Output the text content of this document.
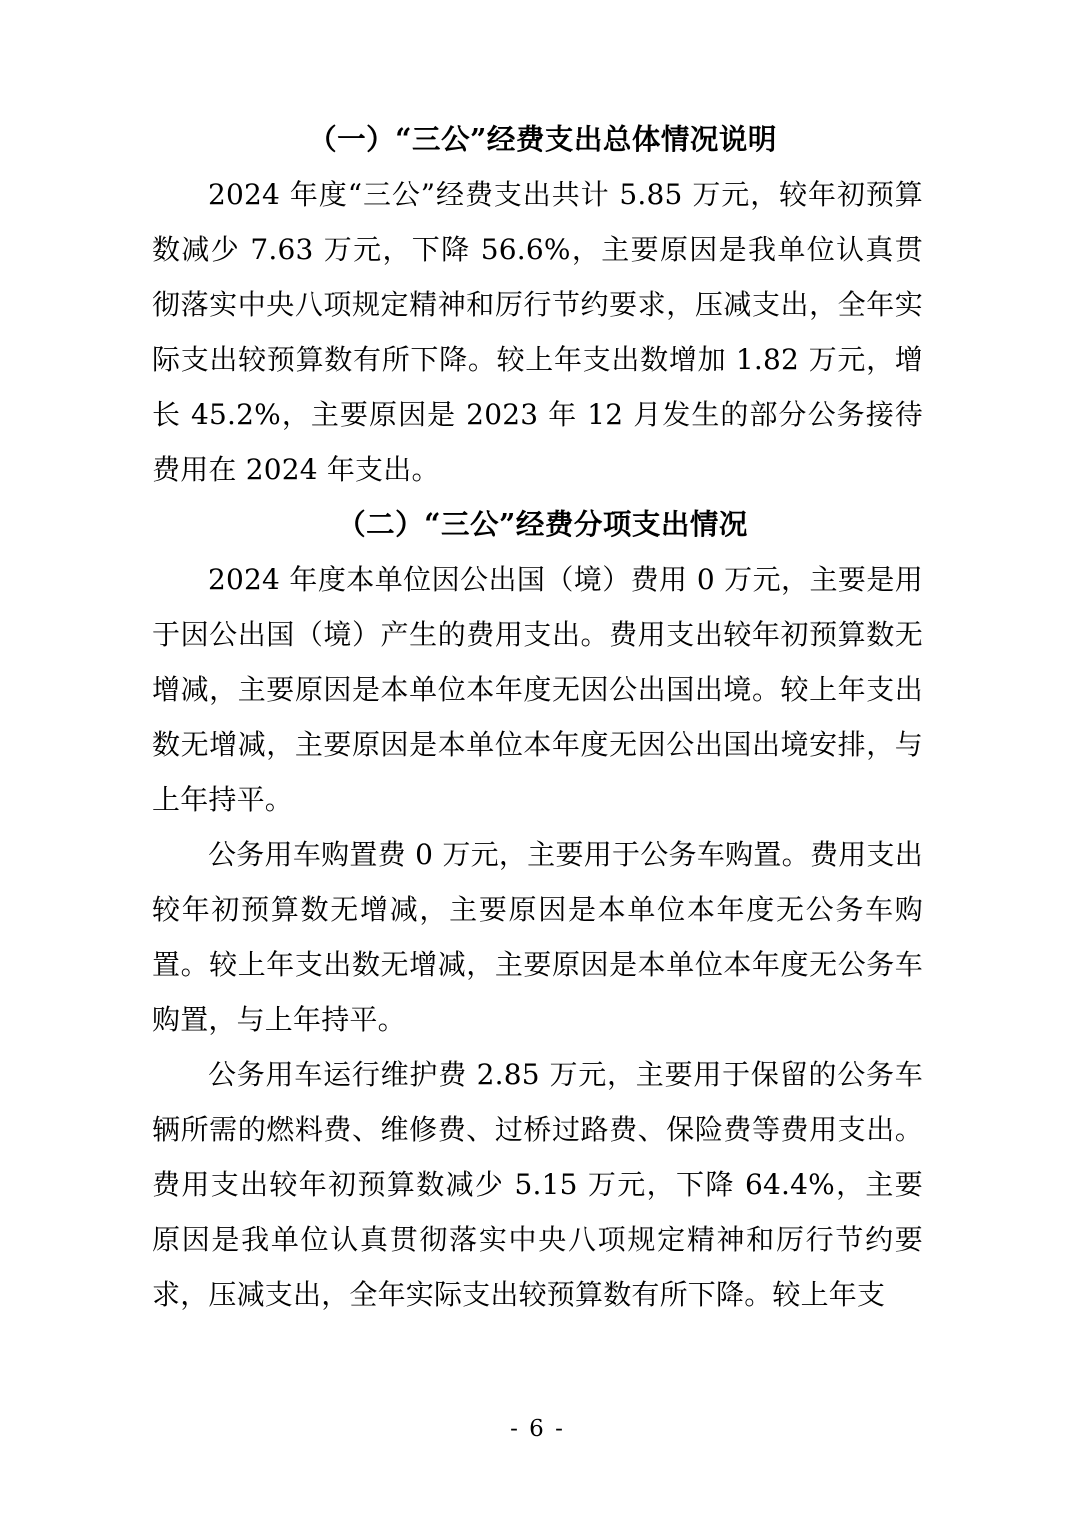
（一）“三公”经费支出总体情况说明

2024 年度“三公”经费支出共计 5.85 万元，较年初预算数减少 7.63 万元，下降 56.6%，主要原因是我单位认真贯彻落实中央八项规定精神和厉行节约要求，压减支出，全年实际支出较预算数有所下降。较上年支出数增加 1.82 万元，增长 45.2%，主要原因是 2023 年 12 月发生的部分公务接待费用在 2024 年支出。

（二）“三公”经费分项支出情况

2024 年度本单位因公出国（境）费用 0 万元，主要是用于因公出国（境）产生的费用支出。费用支出较年初预算数无增减，主要原因是本单位本年度无因公出国出境。较上年支出数无增减，主要原因是本单位本年度无因公出国出境安排，与上年持平。

公务用车购置费 0 万元，主要用于公务车购置。费用支出较年初预算数无增减，主要原因是本单位本年度无公务车购置。较上年支出数无增减，主要原因是本单位本年度无公务车购置，与上年持平。

公务用车运行维护费 2.85 万元，主要用于保留的公务车辆所需的燃料费、维修费、过桥过路费、保险费等费用支出。费用支出较年初预算数减少 5.15 万元，下降 64.4%，主要原因是我单位认真贯彻落实中央八项规定精神和厉行节约要求，压减支出，全年实际支出较预算数有所下降。较上年支

- 6 -
